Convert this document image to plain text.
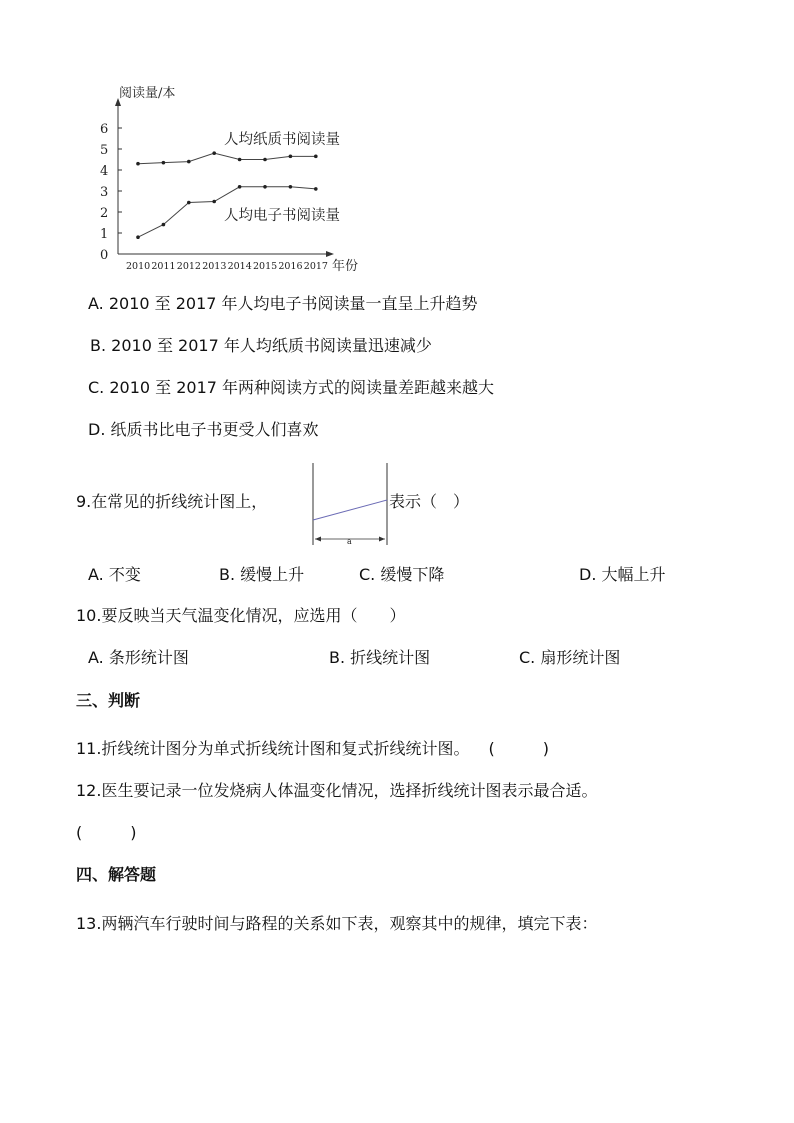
阅读量/本
0
1
2
3
4
5
6
2010 2011 2012 2013 2014 2015 2016 2017 年份
人均纸质书阅读量
人均电子书阅读量
A. 2010 至 2017 年人均电子书阅读量一直呈上升趋势
B. 2010 至 2017 年人均纸质书阅读量迅速减少
C. 2010 至 2017 年两种阅读方式的阅读量差距越来越大
D. 纸质书比电子书更受人们喜欢
9.在常见的折线统计图上，
a
表示（　）
A. 不变	B. 缓慢上升	C. 缓慢下降	D. 大幅上升
10.要反映当天气温变化情况，应选用（　　）
A. 条形统计图	B. 折线统计图	C. 扇形统计图
三、判断
11.折线统计图分为单式折线统计图和复式折线统计图。 (　　　)
12.医生要记录一位发烧病人体温变化情况，选择折线统计图表示最合适。
(　　　)
四、解答题
13.两辆汽车行驶时间与路程的关系如下表，观察其中的规律，填完下表：
